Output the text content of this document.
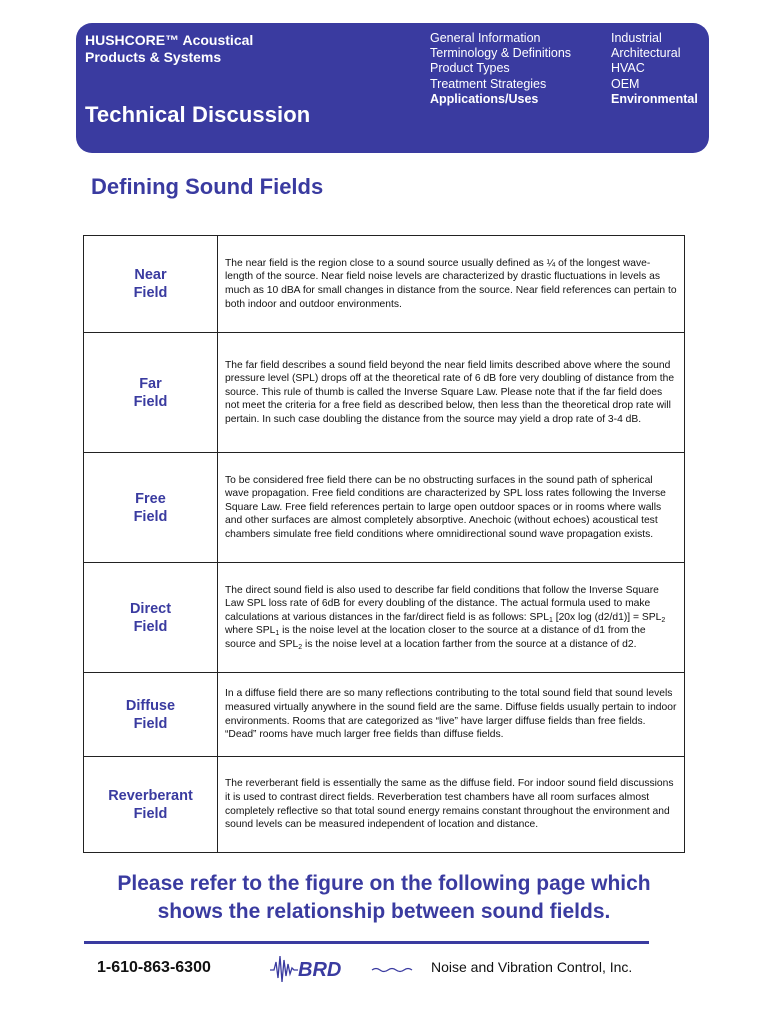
HUSHCORE™ Acoustical
Products & Systems
Technical Discussion
General Information
Terminology & Definitions
Product Types
Treatment Strategies
Applications/Uses
Industrial
Architectural
HVAC
OEM
Environmental
Defining Sound Fields
Near
Field

The near field is the region close to a sound source usually defined as ¼ of the longest wave-length of the source. Near field noise levels are characterized by drastic fluctuations in levels as much as 10 dBA for small changes in distance from the source. Near field references can pertain to both indoor and outdoor environments.

Far
Field

The far field describes a sound field beyond the near field limits described above where the sound pressure level (SPL) drops off at the theoretical rate of 6 dB fore very doubling of distance from the source. This rule of thumb is called the Inverse Square Law. Please note that if the far field does not meet the criteria for a free field as described below, then less than the theoretical drop rate will pertain. In such case doubling the distance from the source may yield a drop rate of 3-4 dB.

Free
Field

To be considered free field there can be no obstructing surfaces in the sound path of spherical wave propagation. Free field conditions are characterized by SPL loss rates following the Inverse Square Law. Free field references pertain to large open outdoor spaces or in rooms where walls and other surfaces are almost completely absorptive. Anechoic (without echoes) acoustical test chambers simulate free field conditions where omnidirectional sound wave propagation exists.

Direct
Field

The direct sound field is also used to describe far field conditions that follow the Inverse Square Law SPL loss rate of 6dB for every doubling of the distance. The actual formula used to make calculations at various distances in the far/direct field is as follows: $SPL_1$ [20x $\log (d2/d1)] = SPL_2$ where $SPL_1$ is the noise level at the location closer to the source at a distance of d1 from the source and $SPL_2$ is the noise level at a location farther from the source at a distance of d2.

Diffuse
Field

In a diffuse field there are so many reflections contributing to the total sound field that sound levels measured virtually anywhere in the sound field are the same. Diffuse fields usually pertain to indoor environments. Rooms that are categorized as “live” have larger diffuse fields than free fields. “Dead” rooms have much larger free fields than diffuse fields.

Reverberant
Field

The reverberant field is essentially the same as the diffuse field. For indoor sound field discussions it is used to contrast direct fields. Reverberation test chambers have all room surfaces almost completely reflective so that total sound energy remains constant throughout the environment and sound levels can be measured independent of location and distance.

Please refer to the figure on the following page which
shows the relationship between sound fields.
1-610-863-6300	BRD	Noise and Vibration Control, Inc.
